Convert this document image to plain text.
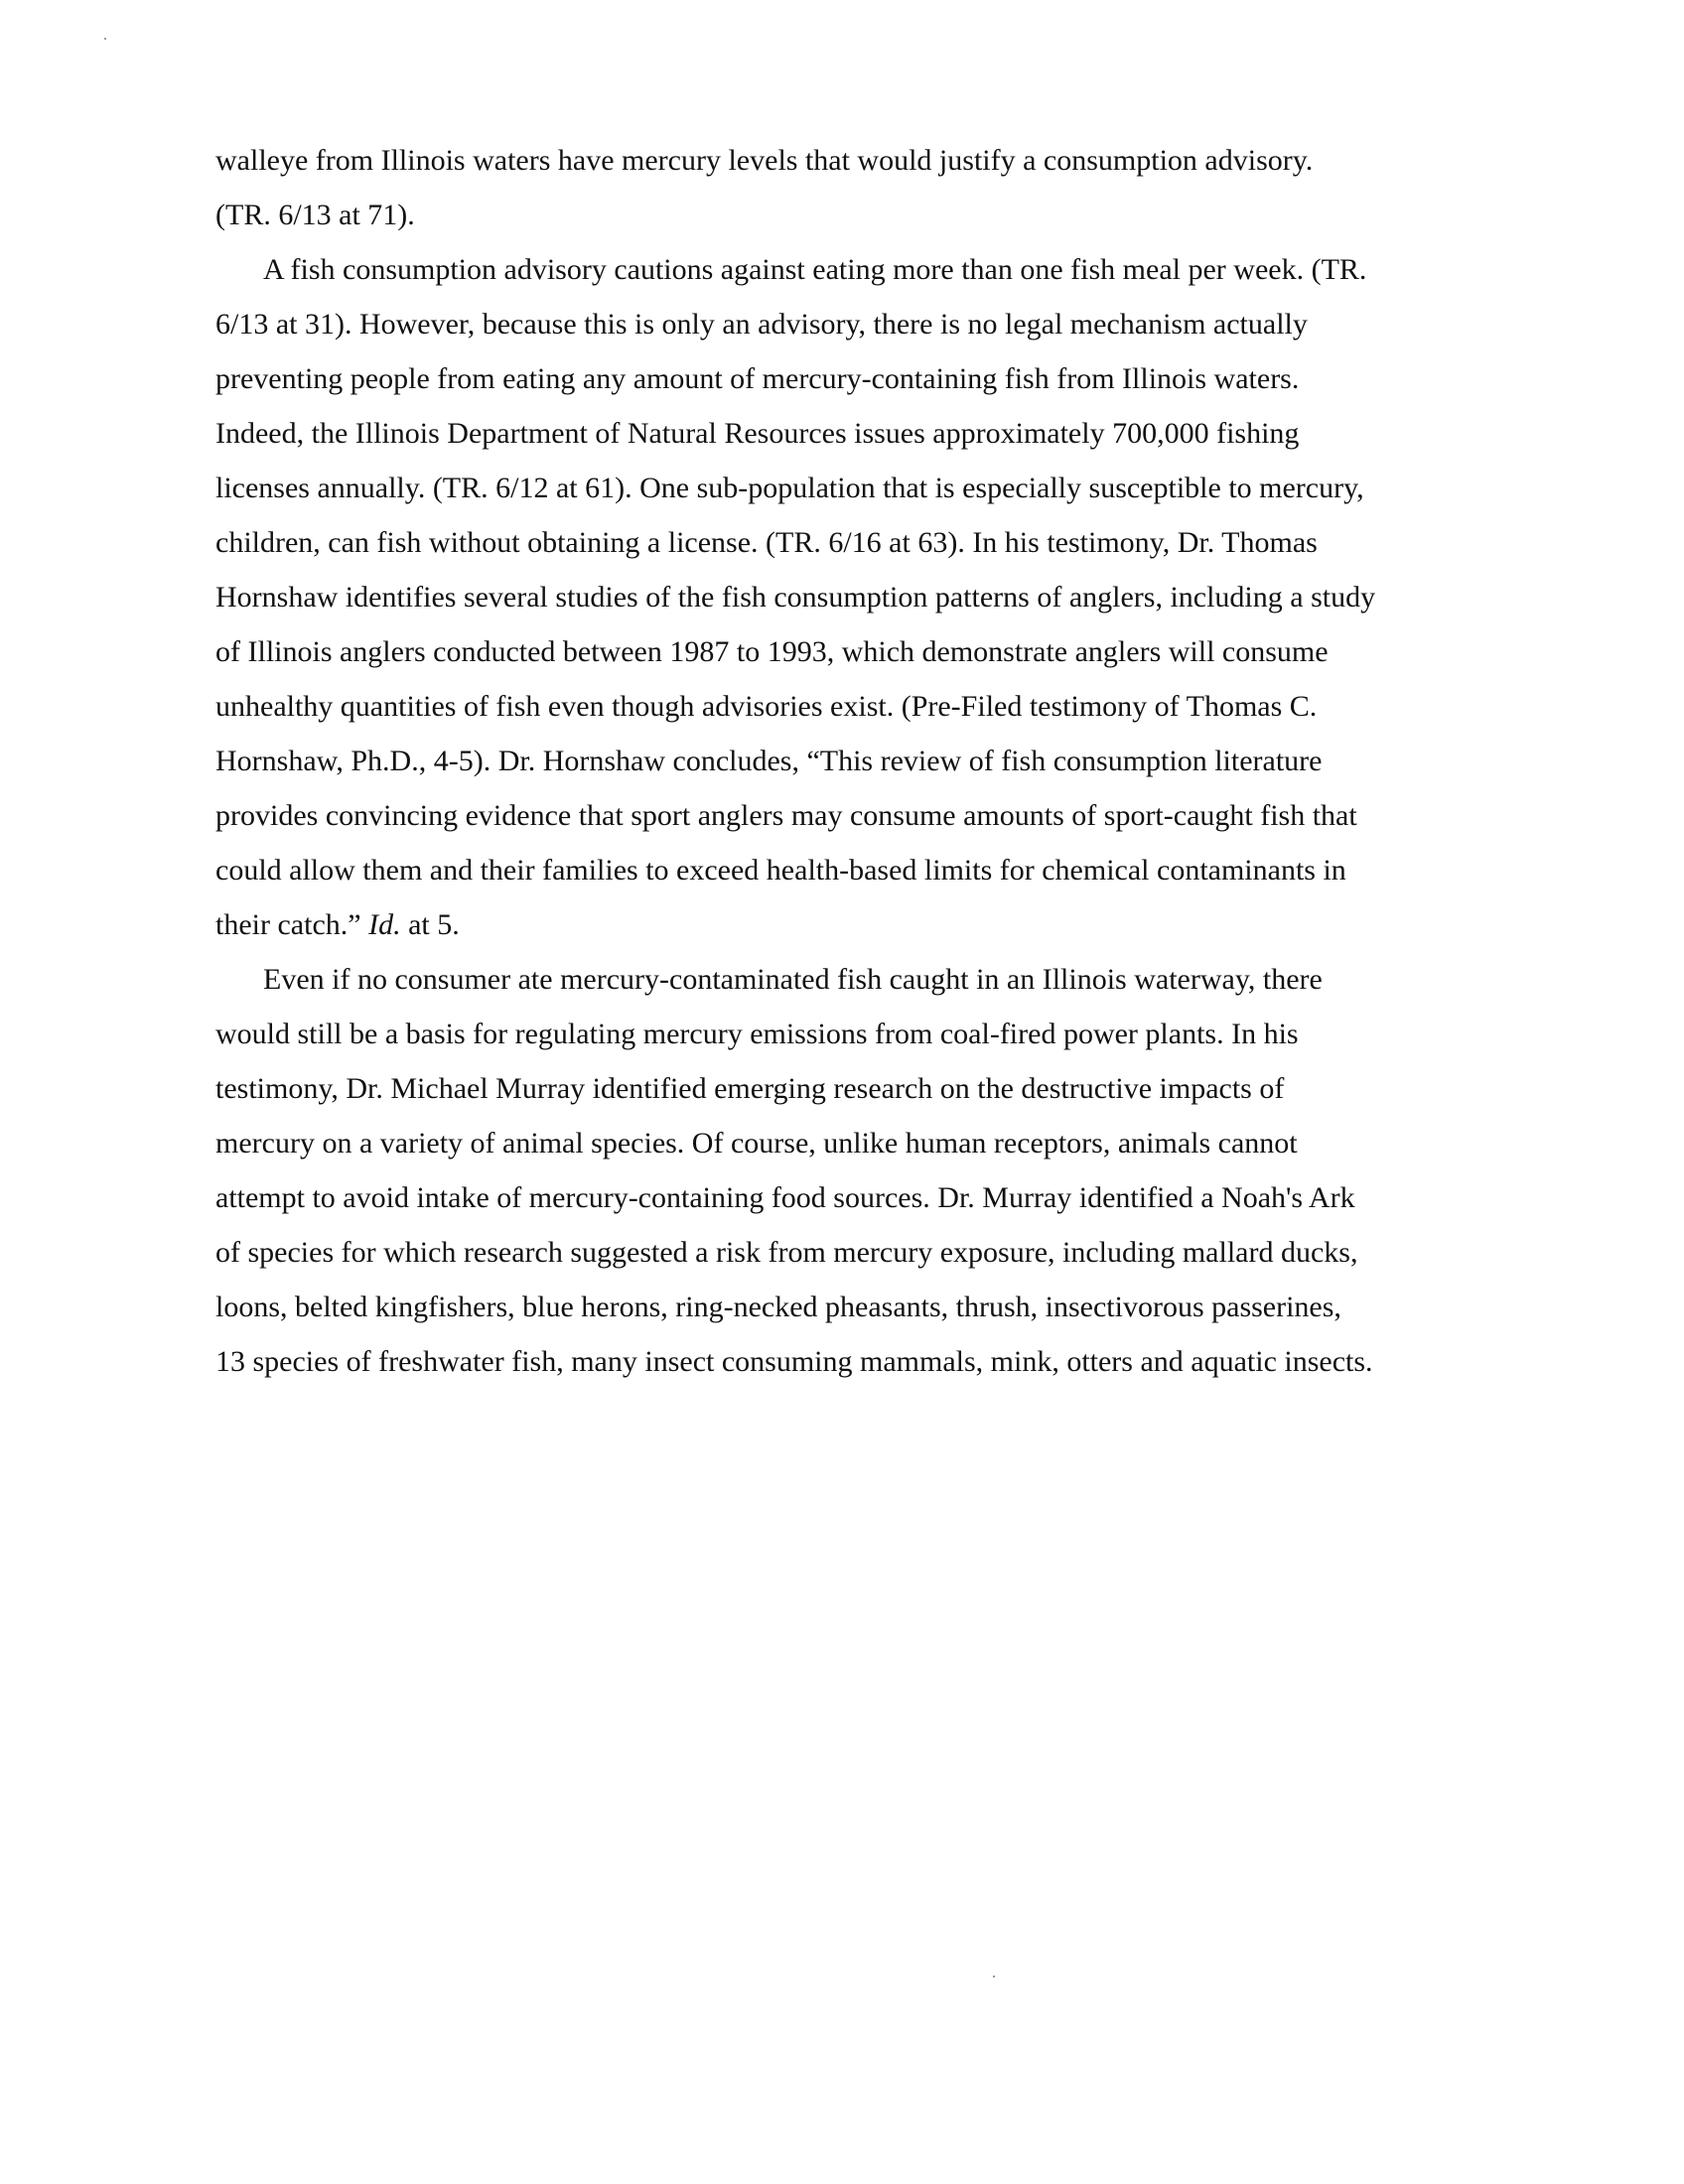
walleye from Illinois waters have mercury levels that would justify a consumption advisory.
(TR. 6/13 at 71).
A fish consumption advisory cautions against eating more than one fish meal per week. (TR.
6/13 at 31). However, because this is only an advisory, there is no legal mechanism actually
preventing people from eating any amount of mercury-containing fish from Illinois waters.
Indeed, the Illinois Department of Natural Resources issues approximately 700,000 fishing
licenses annually. (TR. 6/12 at 61). One sub-population that is especially susceptible to mercury,
children, can fish without obtaining a license. (TR. 6/16 at 63). In his testimony, Dr. Thomas
Hornshaw identifies several studies of the fish consumption patterns of anglers, including a study
of Illinois anglers conducted between 1987 to 1993, which demonstrate anglers will consume
unhealthy quantities of fish even though advisories exist. (Pre-Filed testimony of Thomas C.
Hornshaw, Ph.D., 4-5). Dr. Hornshaw concludes, “This review of fish consumption literature
provides convincing evidence that sport anglers may consume amounts of sport-caught fish that
could allow them and their families to exceed health-based limits for chemical contaminants in
their catch.” Id. at 5.
Even if no consumer ate mercury-contaminated fish caught in an Illinois waterway, there
would still be a basis for regulating mercury emissions from coal-fired power plants. In his
testimony, Dr. Michael Murray identified emerging research on the destructive impacts of
mercury on a variety of animal species. Of course, unlike human receptors, animals cannot
attempt to avoid intake of mercury-containing food sources. Dr. Murray identified a Noah's Ark
of species for which research suggested a risk from mercury exposure, including mallard ducks,
loons, belted kingfishers, blue herons, ring-necked pheasants, thrush, insectivorous passerines,
13 species of freshwater fish, many insect consuming mammals, mink, otters and aquatic insects.
